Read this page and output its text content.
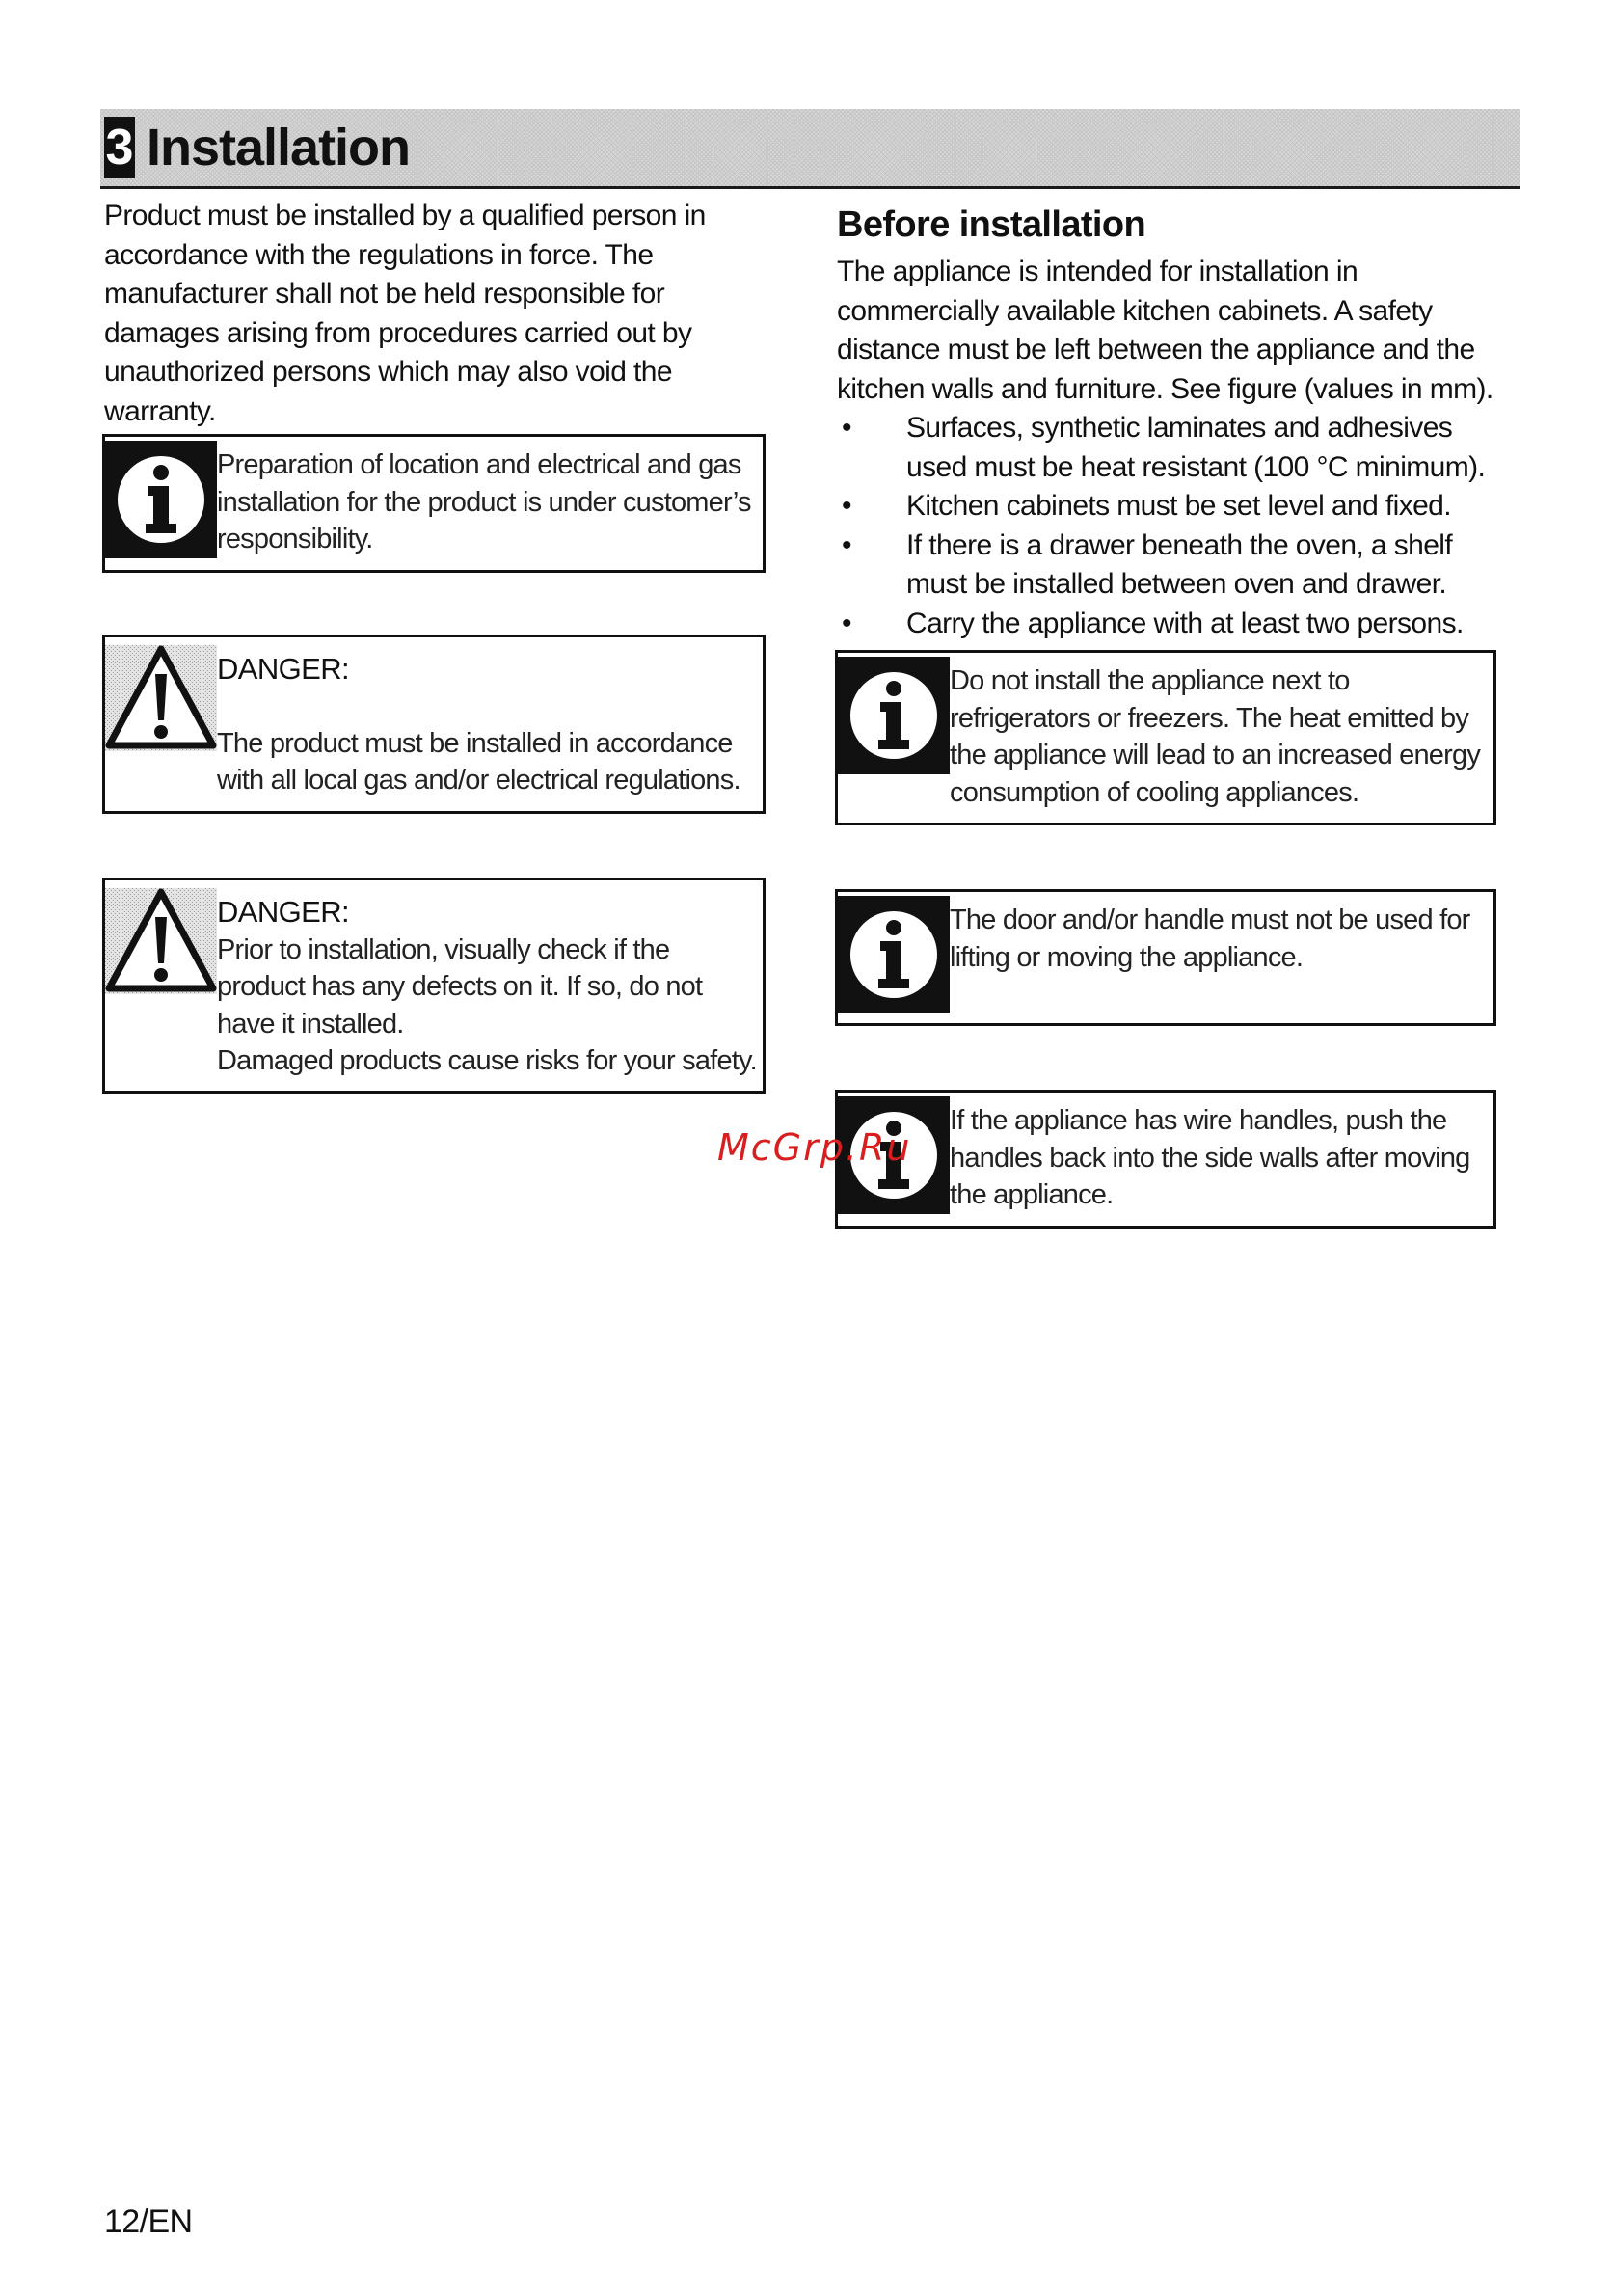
3 Installation

Product must be installed by a qualified person in accordance with the regulations in force. The manufacturer shall not be held responsible for damages arising from procedures carried out by unauthorized persons which may also void the warranty.

Preparation of location and electrical and gas installation for the product is under customer’s responsibility.
DANGER:
The product must be installed in accordance with all local gas and/or electrical regulations.
DANGER:
Prior to installation, visually check if the product has any defects on it. If so, do not have it installed.
Damaged products cause risks for your safety.
Before installation

The appliance is intended for installation in commercially available kitchen cabinets. A safety distance must be left between the appliance and the kitchen walls and furniture. See figure (values in mm).

• Surfaces, synthetic laminates and adhesives used must be heat resistant (100 °C minimum).
• Kitchen cabinets must be set level and fixed.
• If there is a drawer beneath the oven, a shelf must be installed between oven and drawer.
• Carry the appliance with at least two persons.
Do not install the appliance next to refrigerators or freezers. The heat emitted by the appliance will lead to an increased energy consumption of cooling appliances.
The door and/or handle must not be used for lifting or moving the appliance.
If the appliance has wire handles, push the handles back into the side walls after moving the appliance.
McGrp.Ru
12/EN
